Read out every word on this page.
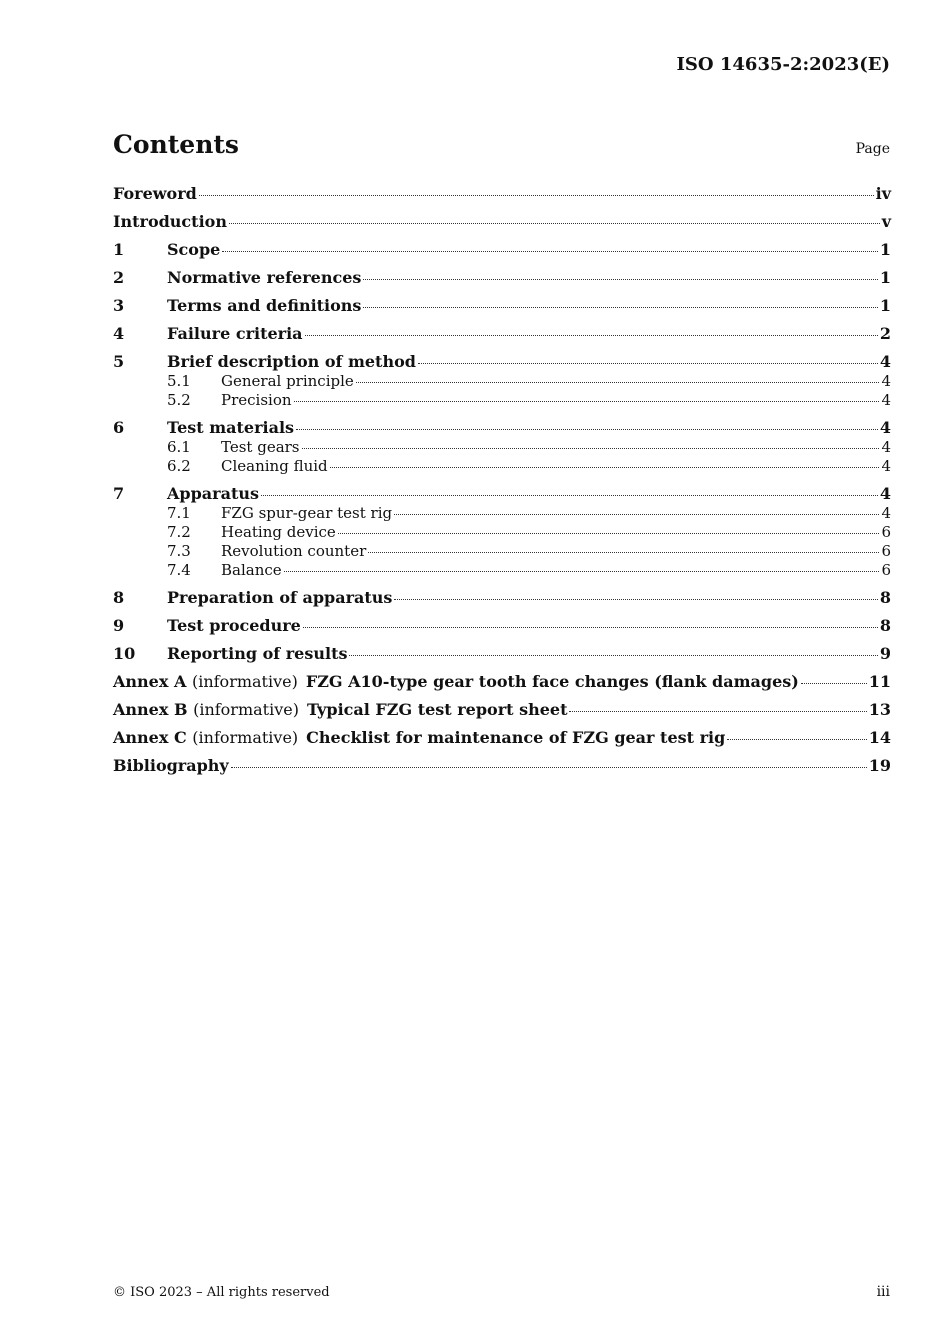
ISO 14635-2:2023(E)
Contents	Page
Foreword	iv
Introduction	v
1	Scope	1
2	Normative references	1
3	Terms and definitions	1
4	Failure criteria	2
5	Brief description of method	4
5.1	General principle	4
5.2	Precision	4
6	Test materials	4
6.1	Test gears	4
6.2	Cleaning fluid	4
7	Apparatus	4
7.1	FZG spur-gear test rig	4
7.2	Heating device	6
7.3	Revolution counter	6
7.4	Balance	6
8	Preparation of apparatus	8
9	Test procedure	8
10	Reporting of results	9
Annex A (informative) FZG A10-type gear tooth face changes (flank damages)	11
Annex B (informative) Typical FZG test report sheet	13
Annex C (informative) Checklist for maintenance of FZG gear test rig	14
Bibliography	19
© ISO 2023 – All rights reserved	iii
